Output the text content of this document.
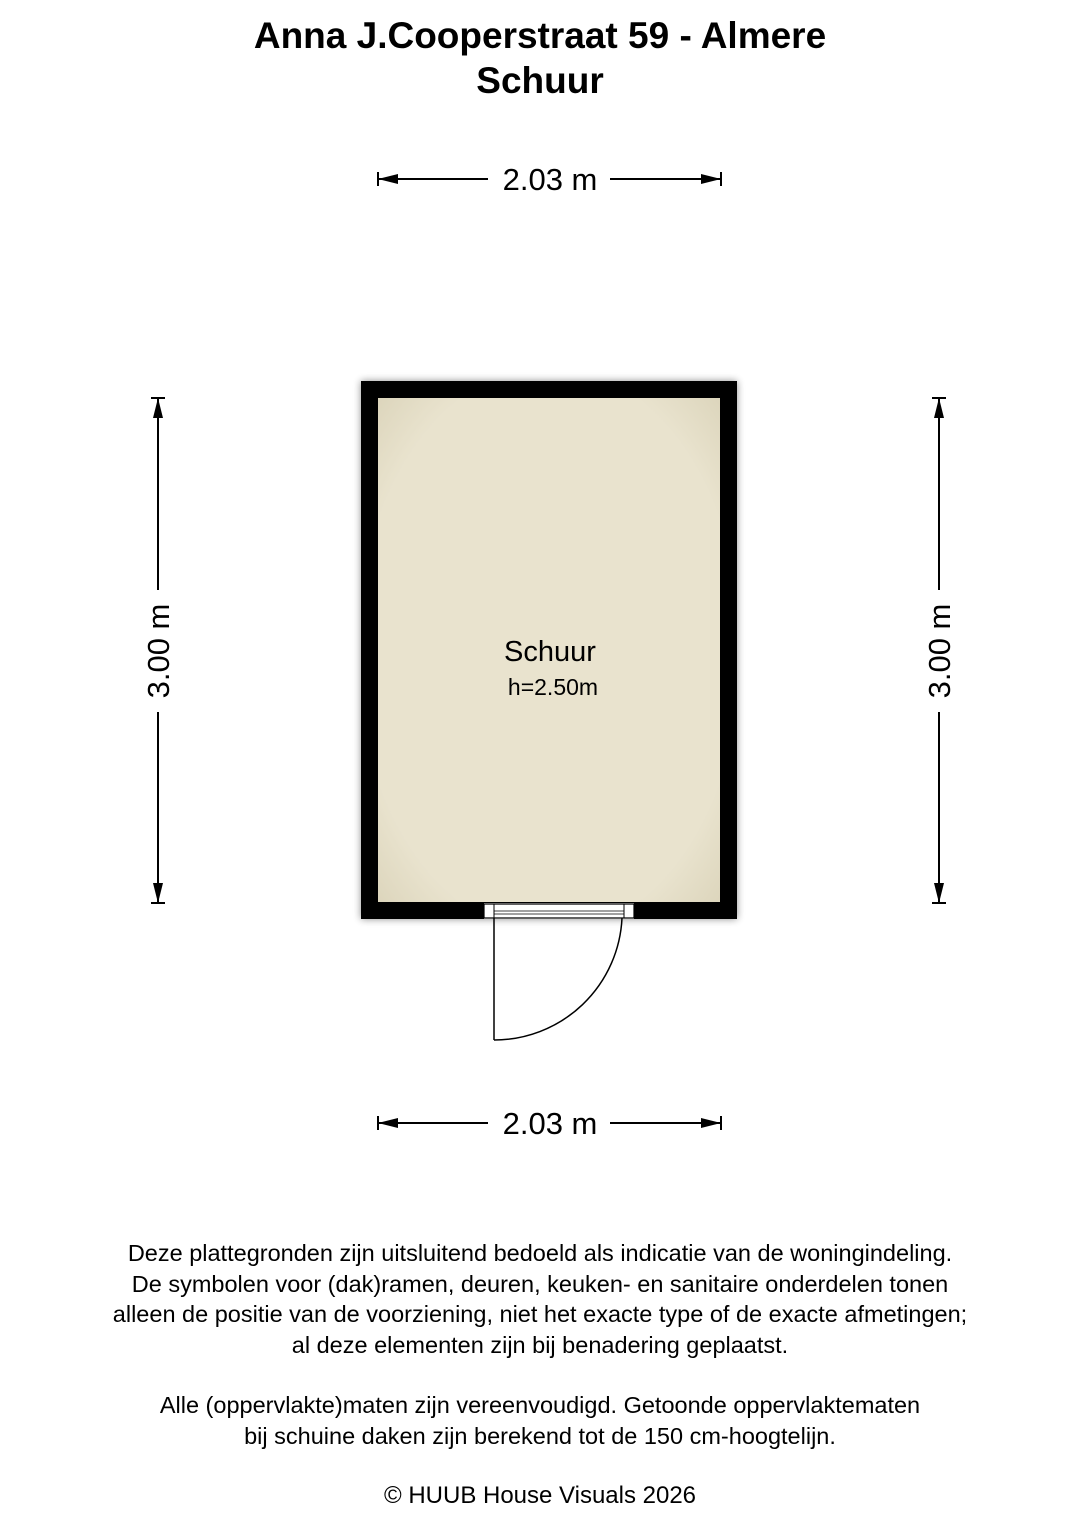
Anna J.Cooperstraat 59 - Almere
Schuur
2.03 m
2.03 m
3.00 m	3.00 m
Schuur
h=2.50m
Deze plattegronden zijn uitsluitend bedoeld als indicatie van de woningindeling.
De symbolen voor (dak)ramen, deuren, keuken- en sanitaire onderdelen tonen
alleen de positie van de voorziening, niet het exacte type of de exacte afmetingen;
al deze elementen zijn bij benadering geplaatst.
Alle (oppervlakte)maten zijn vereenvoudigd. Getoonde oppervlaktematen
bij schuine daken zijn berekend tot de 150 cm-hoogtelijn.
© HUUB House Visuals 2026
